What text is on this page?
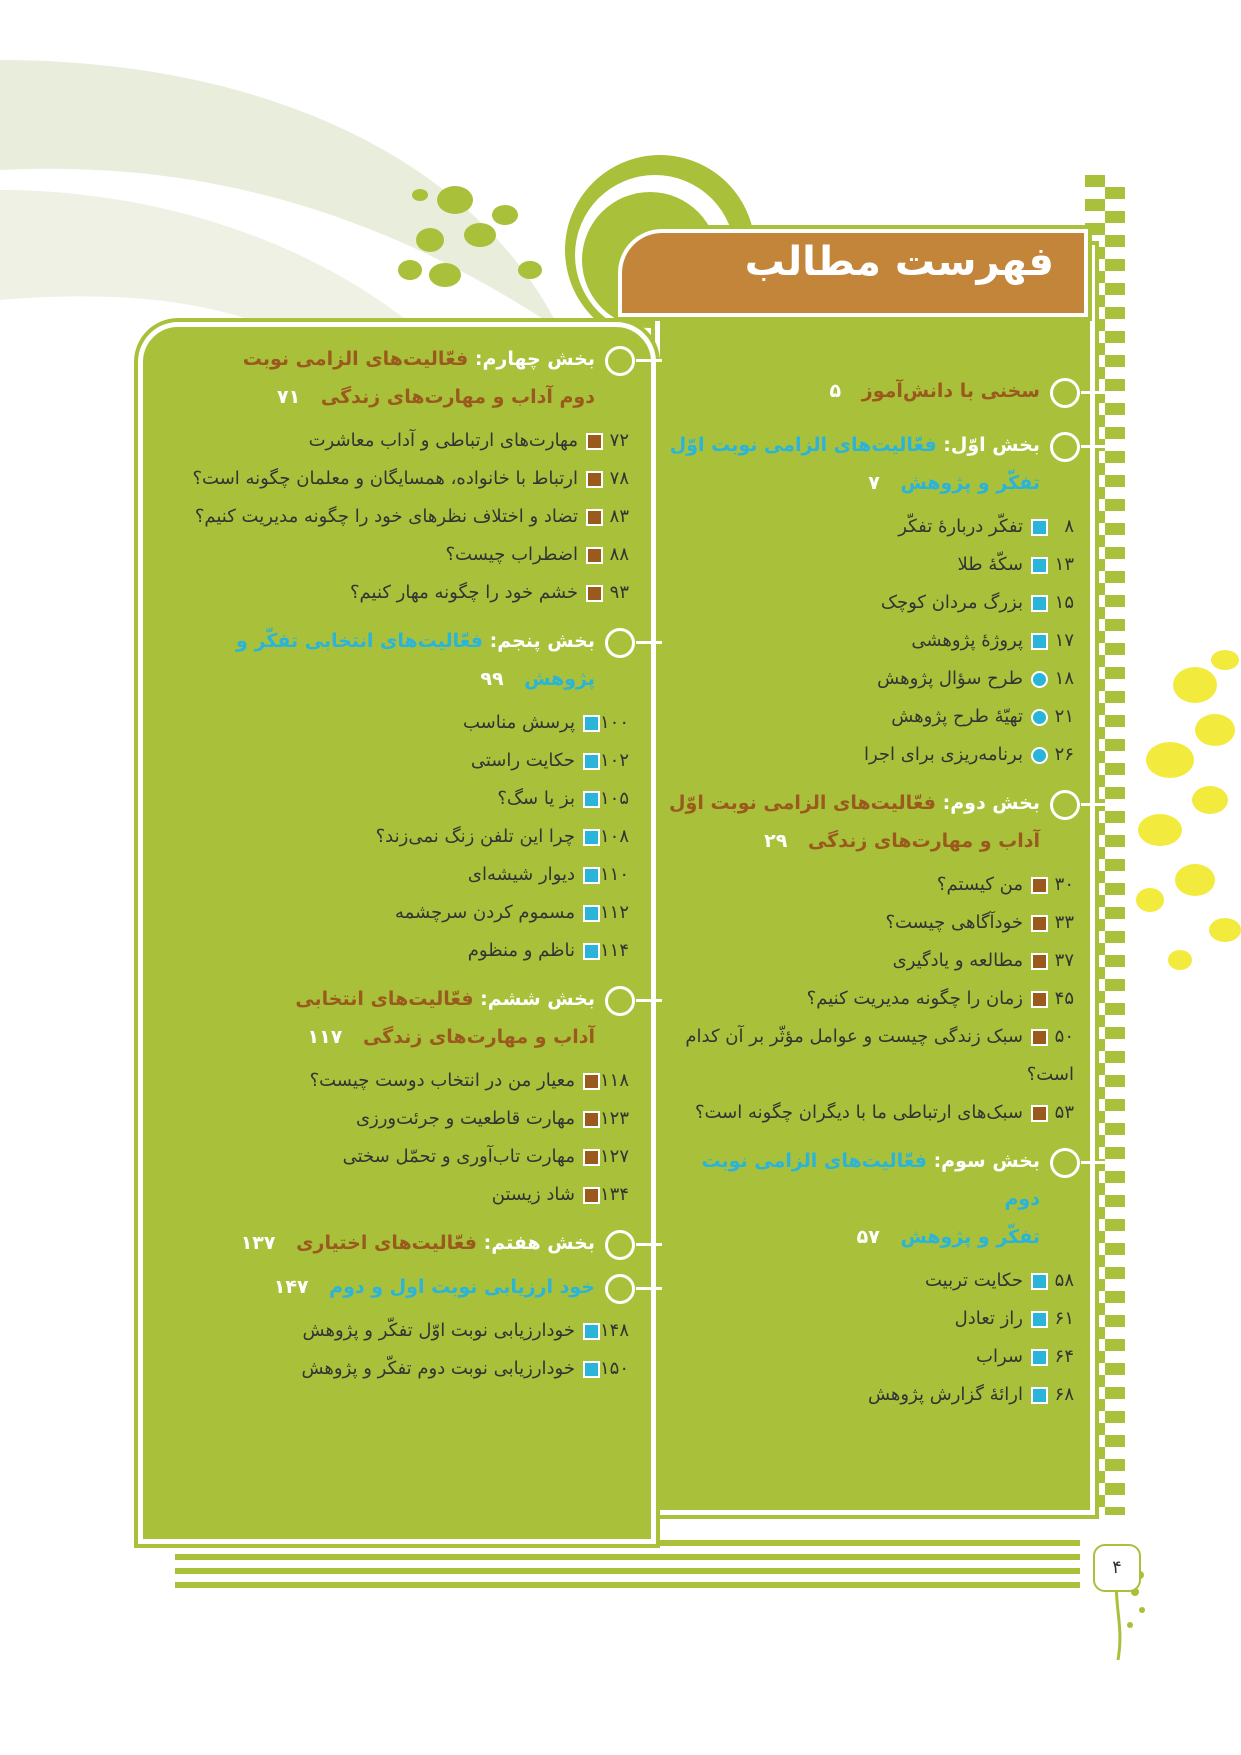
فهرست مطالب
سخنی با دانش‌آموز ۵
بخش اوّل: فعّالیت‌های الزامی نوبت اوّل
تفکّر و پژوهش ۷
۸تفکّر دربارۀ تفکّر
۱۳سکّۀ طلا
۱۵بزرگ مردان کوچک
۱۷پروژۀ پژوهشی
۱۸طرح سؤال پژوهش
۲۱تهیّۀ طرح پژوهش
۲۶برنامه‌ریزی برای اجرا
بخش دوم: فعّالیت‌های الزامی نوبت اوّل
آداب و مهارت‌های زندگی ۲۹
۳۰من کیستم؟
۳۳خودآگاهی چیست؟
۳۷مطالعه و یادگیری
۴۵زمان را چگونه مدیریت کنیم؟
۵۰سبک زندگی چیست و عوامل مؤثّر بر آن کدام است؟
۵۳سبک‌های ارتباطی ما با دیگران چگونه است؟
بخش سوم: فعّالیت‌های الزامی نوبت دوم
تفکّر و پژوهش ۵۷
۵۸حکایت تربیت
۶۱راز تعادل
۶۴سراب
۶۸ارائۀ گزارش پژوهش
بخش چهارم: فعّالیت‌های الزامی نوبت
دوم آداب و مهارت‌های زندگی ۷۱
۷۲مهارت‌های ارتباطی و آداب معاشرت
۷۸ارتباط با خانواده، همسایگان و معلمان چگونه است؟
۸۳تضاد و اختلاف نظرهای خود را چگونه مدیریت کنیم؟
۸۸اضطراب چیست؟
۹۳خشم خود را چگونه مهار کنیم؟
بخش پنجم: فعّالیت‌های انتخابی تفکّر و
پژوهش ۹۹
۱۰۰پرسش مناسب
۱۰۲حکایت راستی
۱۰۵بز یا سگ؟
۱۰۸چرا این تلفن زنگ نمی‌زند؟
۱۱۰دیوار شیشه‌ای
۱۱۲مسموم کردن سرچشمه
۱۱۴ناظم و منظوم
بخش ششم: فعّالیت‌های انتخابی
آداب و مهارت‌های زندگی ۱۱۷
۱۱۸معیار من در انتخاب دوست چیست؟
۱۲۳مهارت قاطعیت و جرئت‌ورزی
۱۲۷مهارت تاب‌آوری و تحمّل سختی
۱۳۴شاد زیستن
بخش هفتم: فعّالیت‌های اختیاری ۱۳۷
خود ارزیابی نوبت اول و دوم ۱۴۷
۱۴۸خودارزیابی نوبت اوّل تفکّر و پژوهش
۱۵۰خودارزیابی نوبت دوم تفکّر و پژوهش
۴
